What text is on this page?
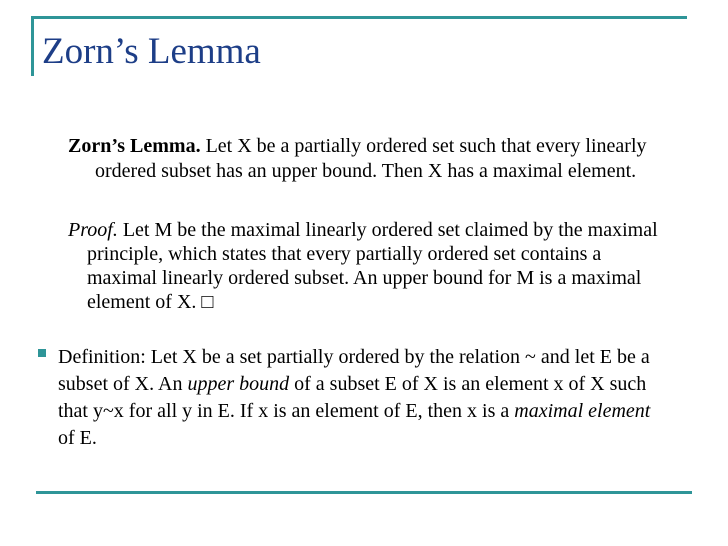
Zorn’s Lemma
Zorn’s Lemma. Let X be a partially ordered set such that every linearly
ordered subset has an upper bound. Then X has a maximal element.
Proof. Let M be the maximal linearly ordered set claimed by the maximal
principle, which states that every partially ordered set contains a
maximal linearly ordered subset. An upper bound for M is a maximal
element of X. □
Definition: Let X be a set partially ordered by the relation ~ and let E be a
subset of X. An upper bound of a subset E of X is an element x of X such
that y~x for all y in E. If x is an element of E, then x is a maximal element
of E.
